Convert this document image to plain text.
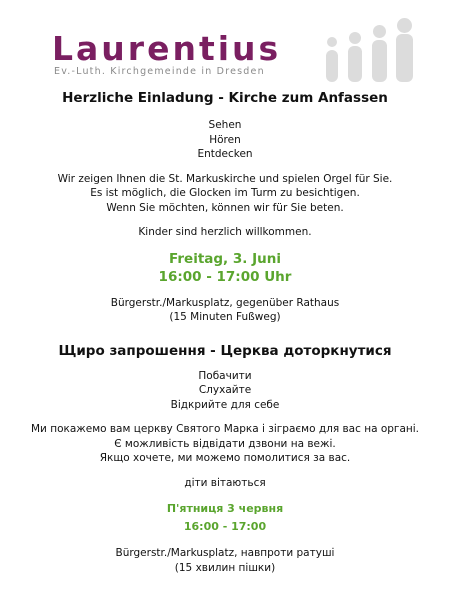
Laurentius
Ev.-Luth. Kirchgemeinde in Dresden

Herzliche Einladung - Kirche zum Anfassen

Sehen

Hören

Entdecken

Wir zeigen Ihnen die St. Markuskirche und spielen Orgel für Sie.

Es ist möglich, die Glocken im Turm zu besichtigen.

Wenn Sie möchten, können wir für Sie beten.

Kinder sind herzlich willkommen.

Freitag, 3. Juni

16:00 - 17:00 Uhr

Bürgerstr./Markusplatz, gegenüber Rathaus

(15 Minuten Fußweg)

Щиро запрошення - Церква доторкнутися

Побачити

Слухайте

Відкрийте для себе

Ми покажемо вам церкву Святого Марка і зіграємо для вас на органі.

Є можливість відвідати дзвони на вежі.

Якщо хочете, ми можемо помолитися за вас.

діти вітаються

П'ятниця 3 червня

16:00 - 17:00

Bürgerstr./Markusplatz, навпроти ратуші

(15 хвилин пішки)
